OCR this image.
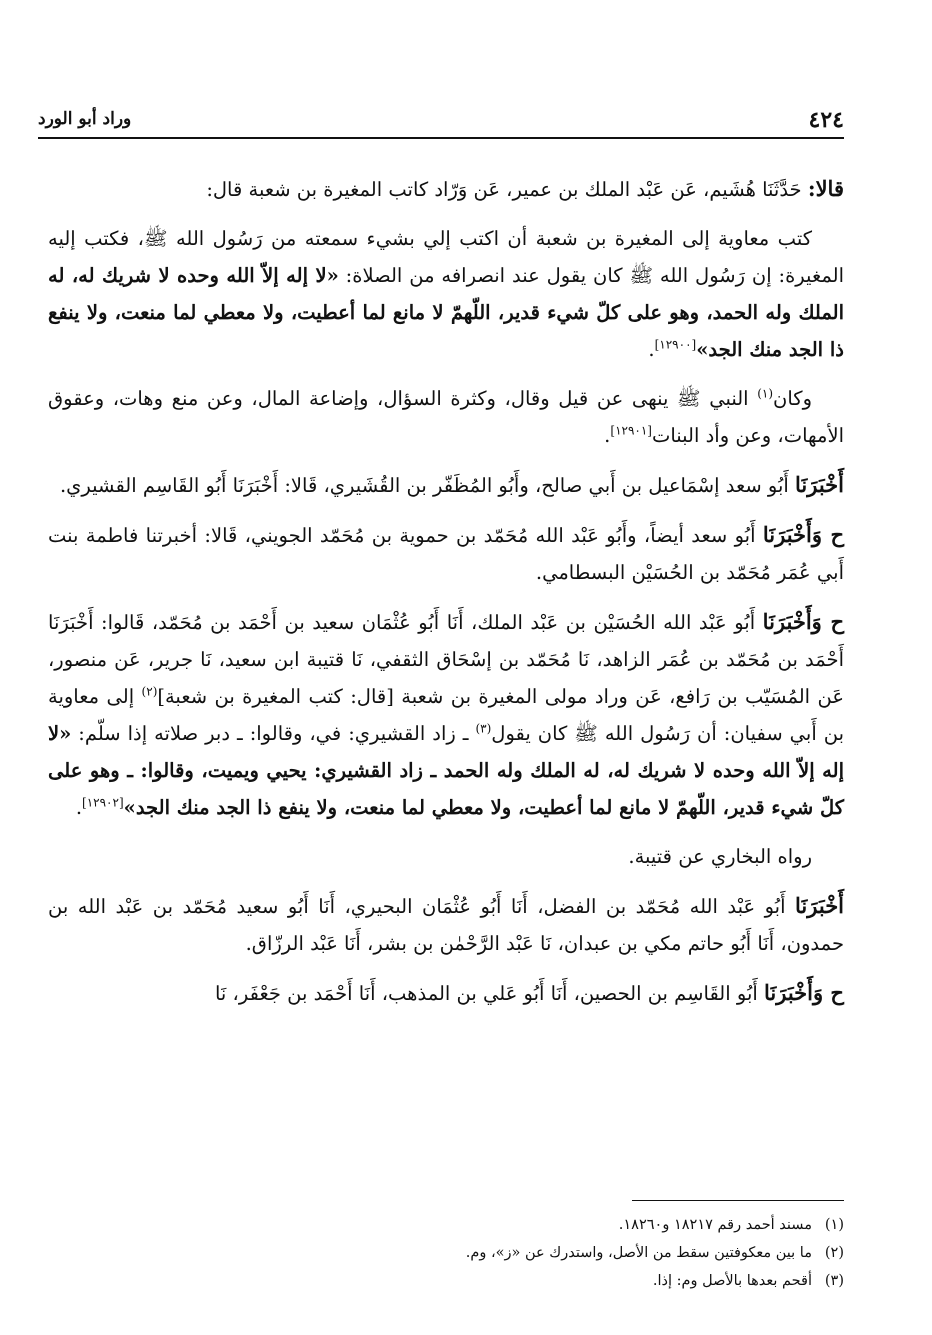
٤٢٤
وراد أبو الورد

قالا: حَدَّثَنَا هُشَيم، عَن عَبْد الملك بن عمير، عَن وَرّاد كاتب المغيرة بن شعبة قال:

كتب معاوية إلى المغيرة بن شعبة أن اكتب إلي بشيء سمعته من رَسُول الله ﷺ، فكتب إليه المغيرة: إن رَسُول الله ﷺ كان يقول عند انصرافه من الصلاة: «لا إله إلاّ الله وحده لا شريك له، له الملك وله الحمد، وهو على كلّ شيء قدير، اللّهمّ لا مانع لما أعطيت، ولا معطي لما منعت، ولا ينفع ذا الجد منك الجد»[١٢٩٠٠].

وكان$^{(١)}$ النبي ﷺ ينهى عن قيل وقال، وكثرة السؤال، وإضاعة المال، وعن منع وهات، وعقوق الأمهات، وعن وأد البنات[١٢٩٠١].

أَخْبَرَنَا أَبُو سعد إسْمَاعيل بن أَبي صالح، وأَبُو المُظَفّر بن القُشَيري، قَالا: أَخْبَرَنَا أَبُو القَاسِم القشيري.

ح وَأَخْبَرَنَا أَبُو سعد أيضاً، وأَبُو عَبْد الله مُحَمّد بن حموية بن مُحَمّد الجويني، قَالا: أخبرتنا فاطمة بنت أَبي عُمَر مُحَمّد بن الحُسَيْن البسطامي.

ح وَأَخْبَرَنَا أَبُو عَبْد الله الحُسَيْن بن عَبْد الملك، أَنَا أَبُو عُثْمَان سعيد بن أَحْمَد بن مُحَمّد، قَالوا: أَخْبَرَنَا أَحْمَد بن مُحَمّد بن عُمَر الزاهد، نَا مُحَمّد بن إسْحَاق الثقفي، نَا قتيبة ابن سعيد، نَا جرير، عَن منصور، عَن المُسَيّب بن رَافع، عَن وراد مولى المغيرة بن شعبة [قال: كتب المغيرة بن شعبة]$^{(٢)}$ إلى معاوية بن أَبي سفيان: أن رَسُول الله ﷺ كان يقول$^{(٣)}$ ـ زاد القشيري: في، وقالوا: ـ دبر صلاته إذا سلّم: «لا إله إلاّ الله وحده لا شريك له، له الملك وله الحمد ـ زاد القشيري: يحيي ويميت، وقالوا: ـ وهو على كلّ شيء قدير، اللّهمّ لا مانع لما أعطيت، ولا معطي لما منعت، ولا ينفع ذا الجد منك الجد»[١٢٩٠٢].

رواه البخاري عن قتيبة.

أَخْبَرَنَا أَبُو عَبْد الله مُحَمّد بن الفضل، أَنَا أَبُو عُثْمَان البحيري، أَنَا أَبُو سعيد مُحَمّد بن عَبْد الله بن حمدون، أَنَا أَبُو حاتم مكي بن عبدان، نَا عَبْد الرَّحْمٰن بن بشر، أَنَا عَبْد الرزّاق.

ح وَأَخْبَرَنَا أَبُو القَاسِم بن الحصين، أَنَا أَبُو عَلي بن المذهب، أَنَا أَحْمَد بن جَعْفَر، نَا

(١)مسند أحمد رقم ١٨٢١٧ و١٨٢٦٠.

(٢)ما بين معكوفتين سقط من الأصل، واستدرك عن «ز»، وم.

(٣)أقحم بعدها بالأصل وم: إذا.
